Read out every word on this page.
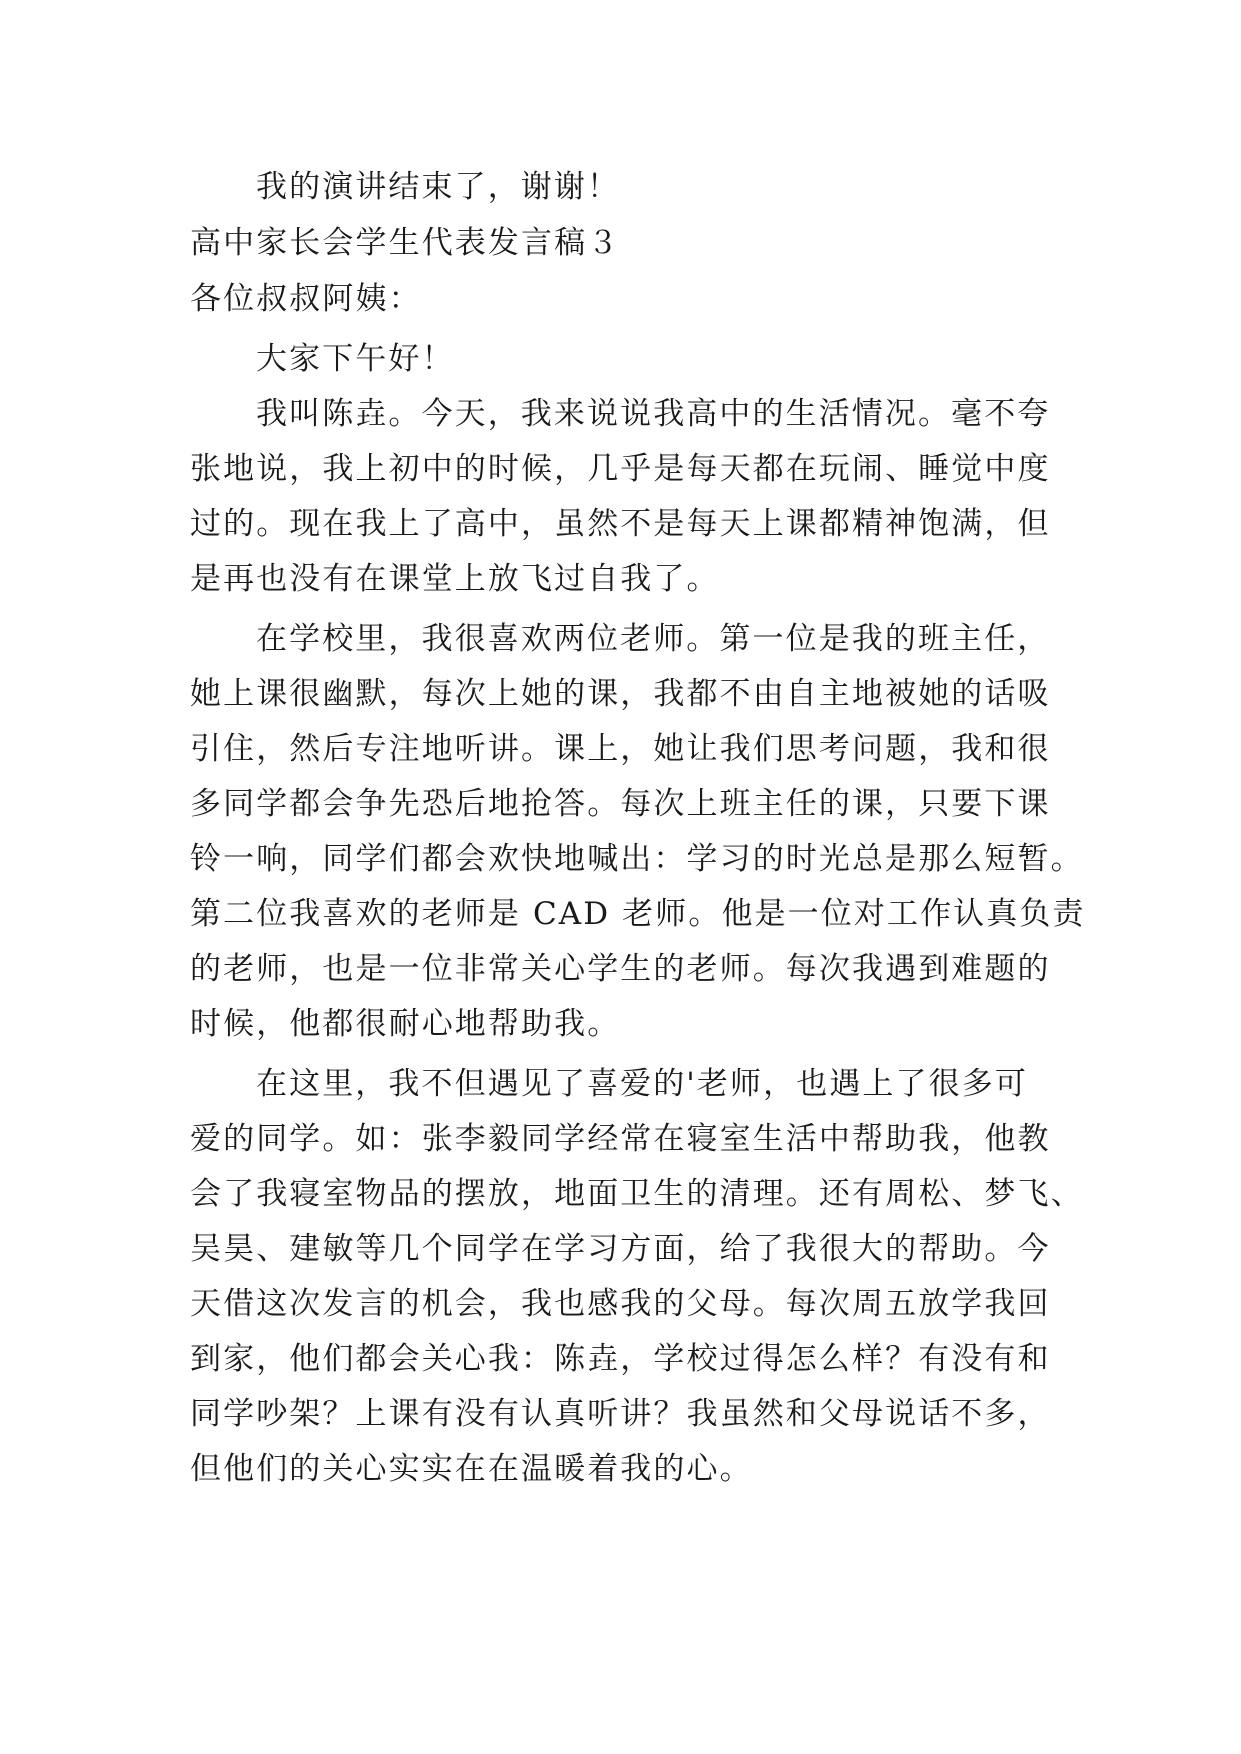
我的演讲结束了，谢谢！

高中家长会学生代表发言稿３

各位叔叔阿姨：

大家下午好！

我叫陈垚。今天，我来说说我高中的生活情况。毫不夸

张地说，我上初中的时候，几乎是每天都在玩闹、睡觉中度

过的。现在我上了高中，虽然不是每天上课都精神饱满，但

是再也没有在课堂上放飞过自我了。

在学校里，我很喜欢两位老师。第一位是我的班主任，

她上课很幽默，每次上她的课，我都不由自主地被她的话吸

引住，然后专注地听讲。课上，她让我们思考问题，我和很

多同学都会争先恐后地抢答。每次上班主任的课，只要下课

铃一响，同学们都会欢快地喊出：学习的时光总是那么短暂。

第二位我喜欢的老师是 CAD 老师。他是一位对工作认真负责

的老师，也是一位非常关心学生的老师。每次我遇到难题的

时候，他都很耐心地帮助我。

在这里，我不但遇见了喜爱的'老师，也遇上了很多可

爱的同学。如：张李毅同学经常在寝室生活中帮助我，他教

会了我寝室物品的摆放，地面卫生的清理。还有周松、梦飞、

吴昊、建敏等几个同学在学习方面，给了我很大的帮助。今

天借这次发言的机会，我也感我的父母。每次周五放学我回

到家，他们都会关心我：陈垚，学校过得怎么样？有没有和

同学吵架？上课有没有认真听讲？我虽然和父母说话不多，

但他们的关心实实在在温暖着我的心。
